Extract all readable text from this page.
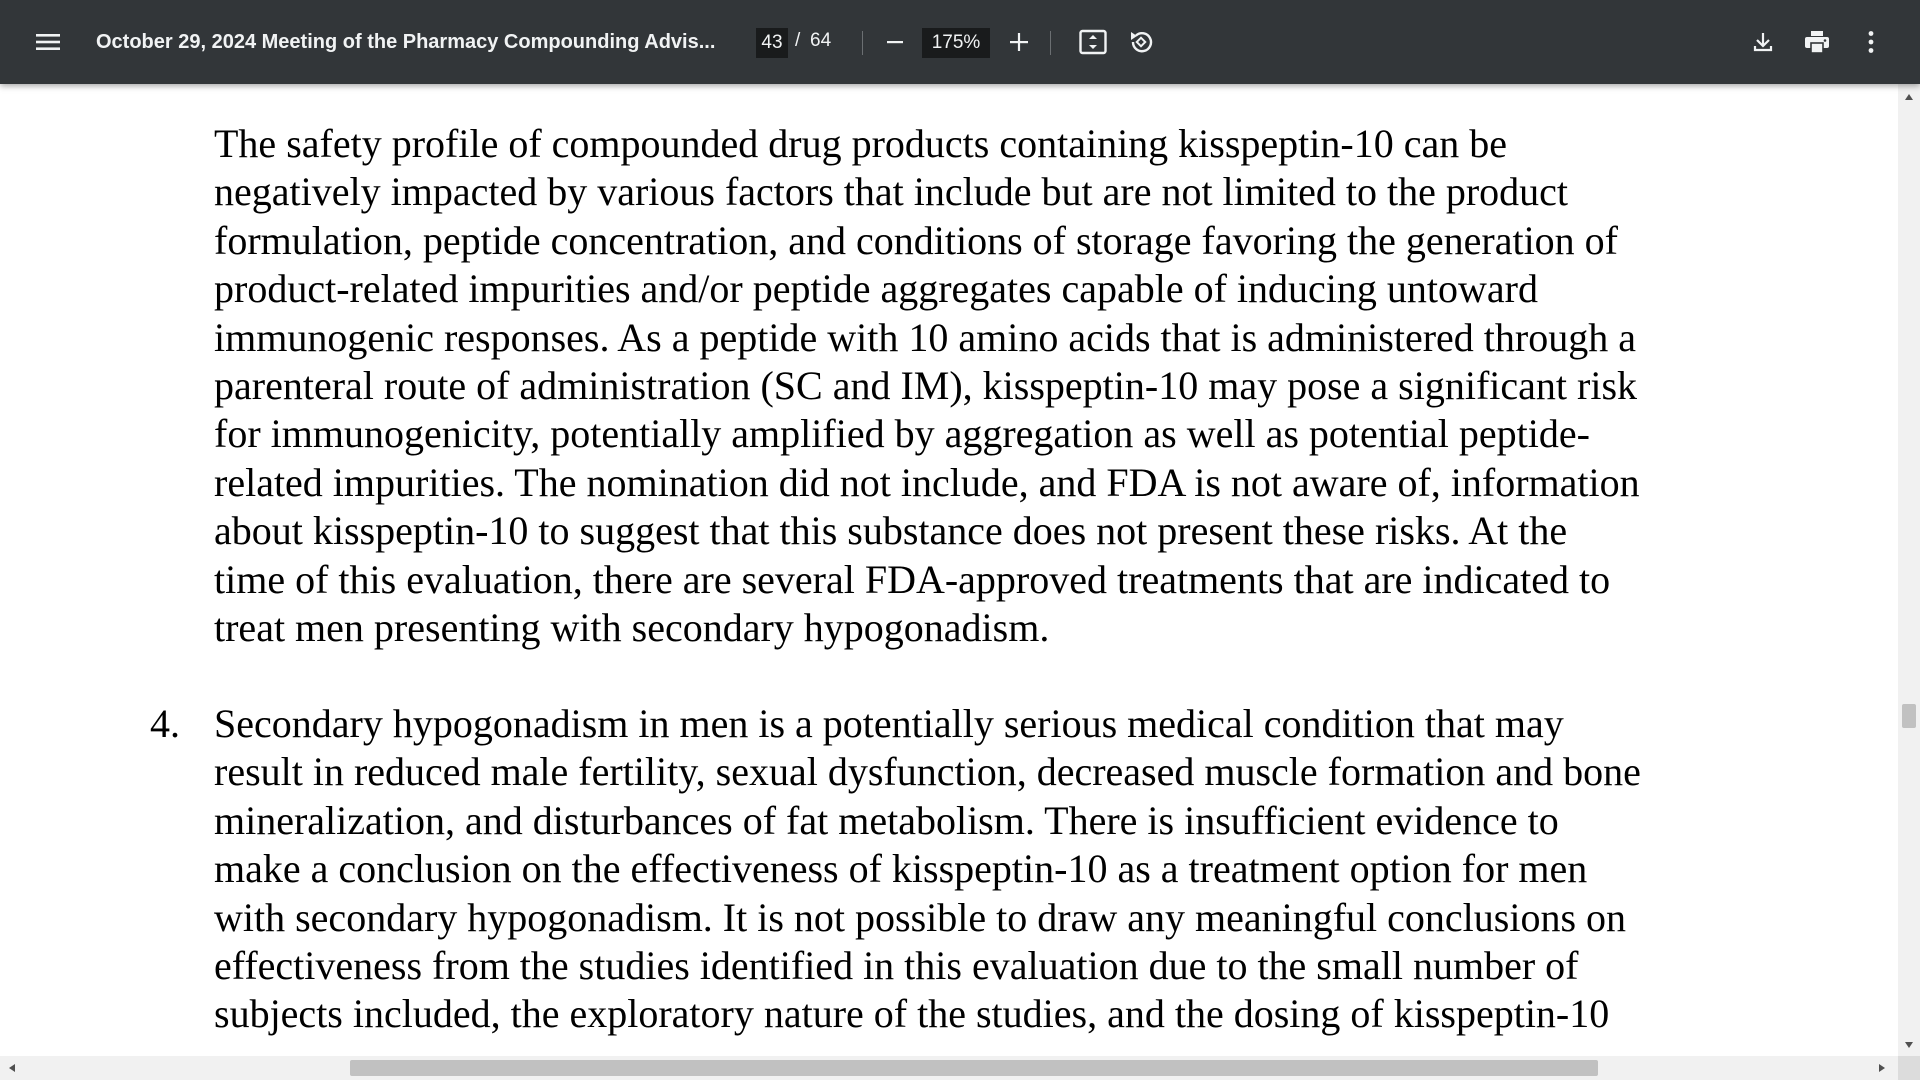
October 29, 2024 Meeting of the Pharmacy Compounding Advis...
43	/ 64
175%
The safety profile of compounded drug products containing kisspeptin-10 can be
negatively impacted by various factors that include but are not limited to the product
formulation, peptide concentration, and conditions of storage favoring the generation of
product-related impurities and/or peptide aggregates capable of inducing untoward
immunogenic responses. As a peptide with 10 amino acids that is administered through a
parenteral route of administration (SC and IM), kisspeptin-10 may pose a significant risk
for immunogenicity, potentially amplified by aggregation as well as potential peptide-
related impurities. The nomination did not include, and FDA is not aware of, information
about kisspeptin-10 to suggest that this substance does not present these risks. At the
time of this evaluation, there are several FDA-approved treatments that are indicated to
treat men presenting with secondary hypogonadism.
4. Secondary hypogonadism in men is a potentially serious medical condition that may
result in reduced male fertility, sexual dysfunction, decreased muscle formation and bone
mineralization, and disturbances of fat metabolism. There is insufficient evidence to
make a conclusion on the effectiveness of kisspeptin-10 as a treatment option for men
with secondary hypogonadism. It is not possible to draw any meaningful conclusions on
effectiveness from the studies identified in this evaluation due to the small number of
subjects included, the exploratory nature of the studies, and the dosing of kisspeptin-10
